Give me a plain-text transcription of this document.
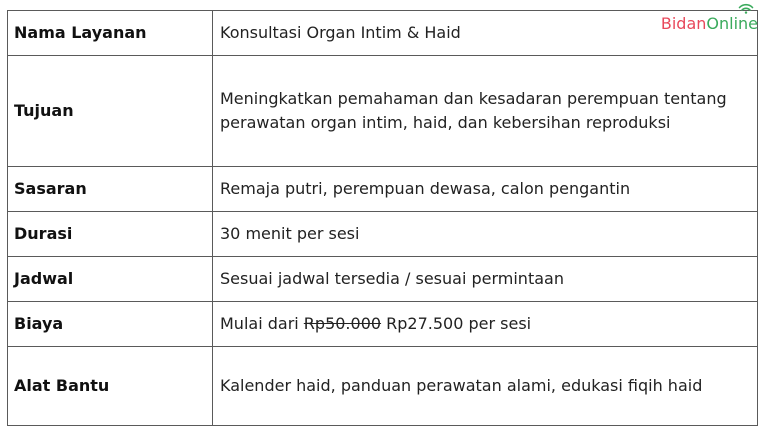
Nama Layanan	Konsultasi Organ Intim & Haid
Tujuan	Meningkatkan pemahaman dan kesadaran perempuan tentang
perawatan organ intim, haid, dan kebersihan reproduksi
Sasaran	Remaja putri, perempuan dewasa, calon pengantin
Durasi	30 menit per sesi
Jadwal	Sesuai jadwal tersedia / sesuai permintaan
Biaya	Mulai dari Rp50.000 Rp27.500 per sesi
Alat Bantu	Kalender haid, panduan perawatan alami, edukasi fiqih haid
BidanOnline
